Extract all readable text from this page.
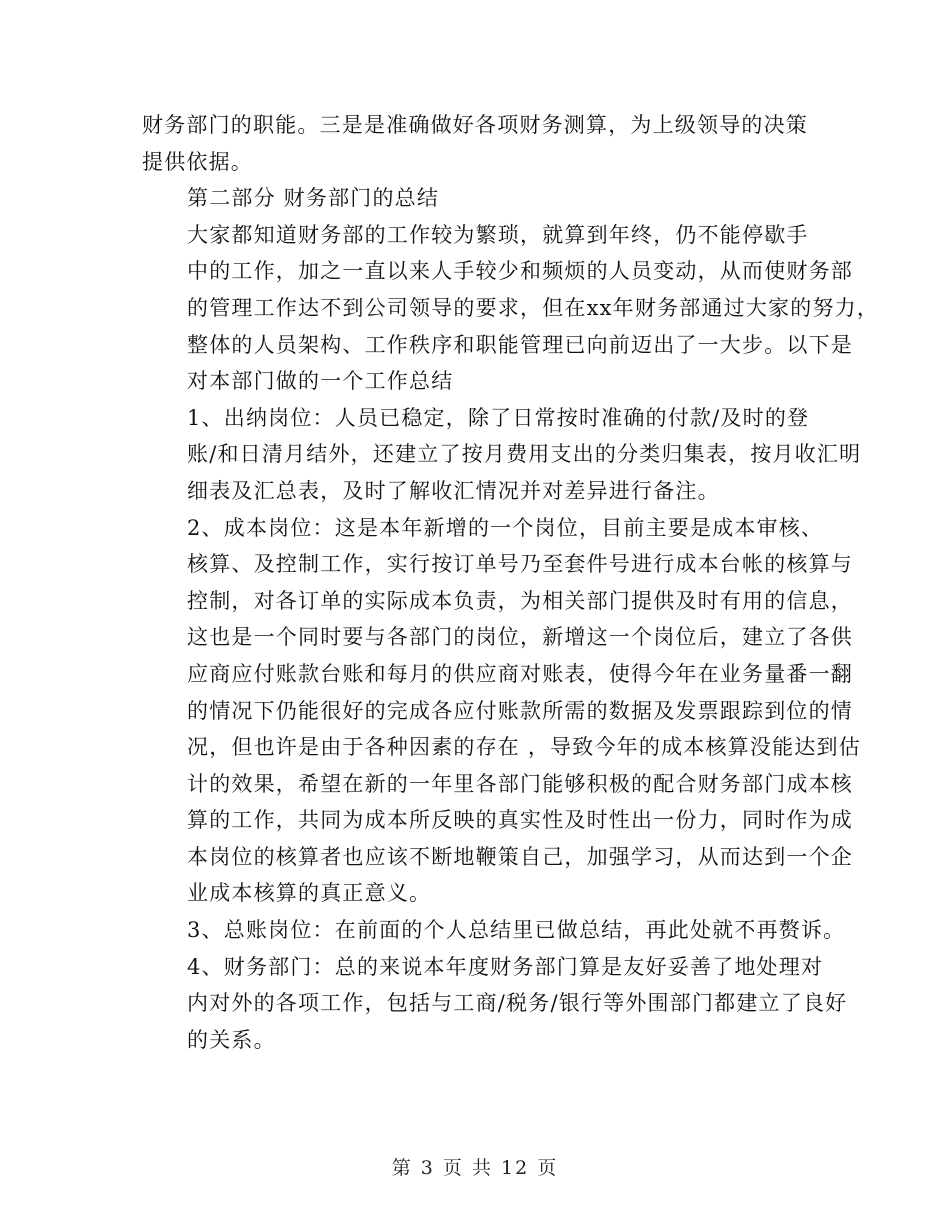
财务部门的职能。三是是准确做好各项财务测算，为上级领导的决策
提供依据。

第二部分 财务部门的总结

大家都知道财务部的工作较为繁琐，就算到年终，仍不能停歇手
中的工作，加之一直以来人手较少和频烦的人员变动，从而使财务部
的管理工作达不到公司领导的要求，但在xx年财务部通过大家的努力，
整体的人员架构、工作秩序和职能管理已向前迈出了一大步。以下是
对本部门做的一个工作总结

1、出纳岗位：人员已稳定，除了日常按时准确的付款/及时的登
账/和日清月结外，还建立了按月费用支出的分类归集表，按月收汇明
细表及汇总表，及时了解收汇情况并对差异进行备注。

2、成本岗位：这是本年新增的一个岗位，目前主要是成本审核、
核算、及控制工作，实行按订单号乃至套件号进行成本台帐的核算与
控制，对各订单的实际成本负责，为相关部门提供及时有用的信息，
这也是一个同时要与各部门的岗位，新增这一个岗位后，建立了各供
应商应付账款台账和每月的供应商对账表，使得今年在业务量番一翻
的情况下仍能很好的完成各应付账款所需的数据及发票跟踪到位的情
况，但也许是由于各种因素的存在 ，导致今年的成本核算没能达到估
计的效果，希望在新的一年里各部门能够积极的配合财务部门成本核
算的工作，共同为成本所反映的真实性及时性出一份力，同时作为成
本岗位的核算者也应该不断地鞭策自己，加强学习，从而达到一个企
业成本核算的真正意义。

3、总账岗位：在前面的个人总结里已做总结，再此处就不再赘诉。

4、财务部门：总的来说本年度财务部门算是友好妥善了地处理对
内对外的各项工作，包括与工商/税务/银行等外围部门都建立了良好
的关系。

第 3 页 共 12 页
